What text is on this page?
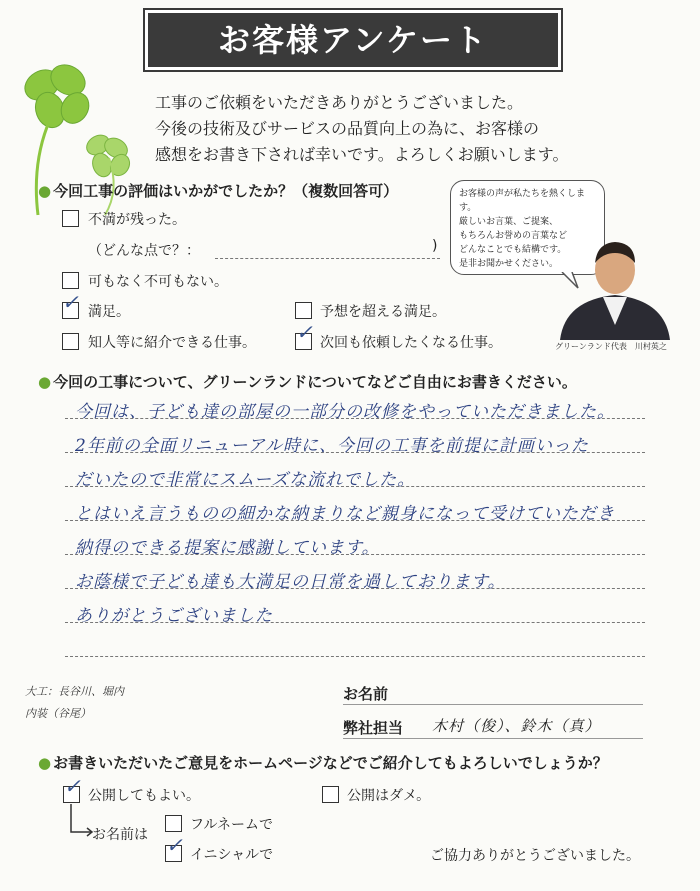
お客様アンケート
工事のご依頼をいただきありがとうございました。
今後の技術及びサービスの品質向上の為に、お客様の
感想をお書き下されば幸いです。よろしくお願いします。
● 今回工事の評価はいかがでしたか？（複数回答可）
不満が残った。
（どんな点で？：	)
可もなく不可もない。
✓ 満足。	予想を超える満足。
知人等に紹介できる仕事。 ✓ 次回も依頼したくなる仕事。
お客様の声が私たちを熱くします。
厳しいお言葉、ご提案、
もちろんお誉めの言葉など
どんなことでも結構です。
是非お聞かせください。
グリーンランド代表　川村英之
● 今回の工事について、グリーンランドについてなどご自由にお書きください。
今回は、子ども達の部屋の一部分の改修をやっていただきました。
2年前の全面リニューアル時に、今回の工事を前提に計画いった
だいたので非常にスムーズな流れでした。
とはいえ言うものの細かな納まりなど親身になって受けていただき
納得のできる提案に感謝しています。
お蔭様で子ども達も大満足の日常を過しております。
ありがとうございました
大工：長谷川、堀内
内装（谷尾）
お名前
弊社担当 木村（俊）、鈴木（真）
● お書きいただいたご意見をホームページなどでご紹介してもよろしいでしょうか？
✓ 公開してもよい。	公開はダメ。
お名前は
フルネームで
✓ イニシャルで	ご協力ありがとうございました。
